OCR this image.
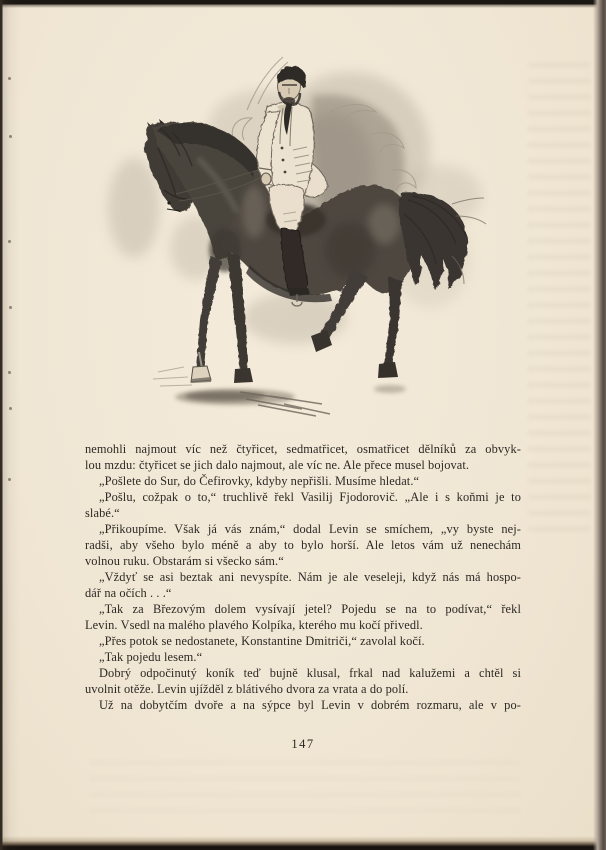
nemohli najmout víc než čtyřicet, sedmatřicet, osmatřicet dělníků za obvyk-
lou mzdu: čtyřicet se jich dalo najmout, ale víc ne. Ale přece musel bojovat.
„Pošlete do Sur, do Čefirovky, kdyby nepřišli. Musíme hledat.“
„Pošlu, cožpak o to,“ truchlivě řekl Vasilij Fjodorovič. „Ale i s koňmi je to
slabé.“
„Přikoupíme. Však já vás znám,“ dodal Levin se smíchem, „vy byste nej-
radši, aby všeho bylo méně a aby to bylo horší. Ale letos vám už nenechám
volnou ruku. Obstarám si všecko sám.“
„Vždyť se asi beztak ani nevyspíte. Nám je ale veseleji, když nás má hospo-
dář na očích . . .“
„Tak za Březovým dolem vysívají jetel? Pojedu se na to podívat,“ řekl
Levin. Vsedl na malého plavého Kolpíka, kterého mu kočí přivedl.
„Přes potok se nedostanete, Konstantine Dmitriči,“ zavolal kočí.
„Tak pojedu lesem.“
Dobrý odpočinutý koník teď bujně klusal, frkal nad kalužemi a chtěl si
uvolnit otěže. Levin ujížděl z blátivého dvora za vrata a do polí.
Už na dobytčím dvoře a na sýpce byl Levin v dobrém rozmaru, ale v po-
147
